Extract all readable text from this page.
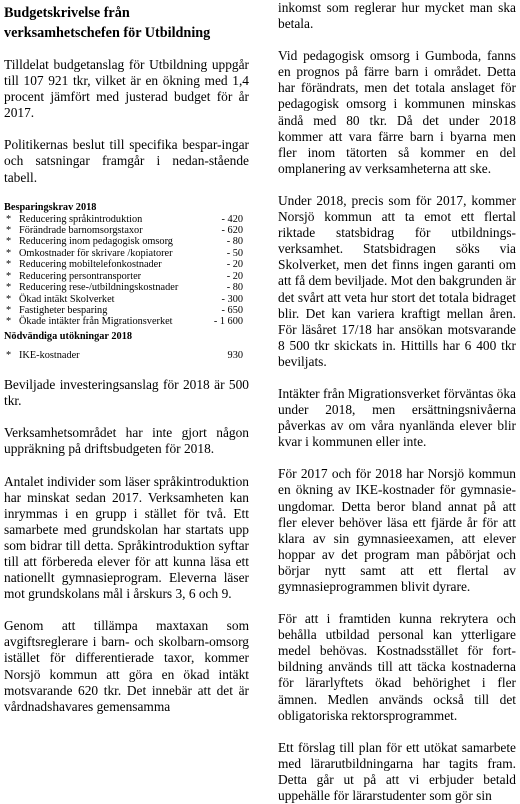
Budgetskrivelse från verksamhetschefen för Utbildning

Tilldelat budgetanslag för Utbildning uppgår till 107 921 tkr, vilket är en ökning med 1,4 procent jämfört med justerad budget för år 2017.

Politikernas beslut till specifika bespar-ingar och satsningar framgår i nedan-stående tabell.

Besparingskrav 2018
*	Reducering språkintroduktion	- 420
*	Förändrade barnomsorgstaxor	- 620
*	Reducering inom pedagogisk omsorg	- 80
*	Omkostnader för skrivare /kopiatorer	- 50
*	Reducering mobiltelefonkostnader	- 20
*	Reducering persontransporter	- 20
*	Reducering rese-/utbildningskostnader	- 80
*	Ökad intäkt Skolverket	- 300
*	Fastigheter besparing	- 650
*	Ökade intäkter från Migrationsverket	- 1 600
Nödvändiga utökningar 2018
*	IKE-kostnader	930

Beviljade investeringsanslag för 2018 är 500 tkr.

Verksamhetsområdet har inte gjort någon uppräkning på driftsbudgeten för 2018.

Antalet individer som läser språkintroduktion har minskat sedan 2017. Verksamheten kan inrymmas i en grupp i stället för två. Ett samarbete med grundskolan har startats upp som bidrar till detta. Språkintroduktion syftar till att förbereda elever för att kunna läsa ett nationellt gymnasieprogram. Eleverna läser mot grundskolans mål i årskurs 3, 6 och 9.

Genom att tillämpa maxtaxan som avgiftsreglerare i barn- och skolbarn-omsorg istället för differentierade taxor, kommer Norsjö kommun att göra en ökad intäkt motsvarande 620 tkr. Det innebär att det är vårdnadshavares gemensamma

inkomst som reglerar hur mycket man ska betala.

Vid pedagogisk omsorg i Gumboda, fanns en prognos på färre barn i området. Detta har förändrats, men det totala anslaget för pedagogisk omsorg i kommunen minskas ändå med 80 tkr. Då det under 2018 kommer att vara färre barn i byarna men fler inom tätorten så kommer en del omplanering av verksamheterna att ske.

Under 2018, precis som för 2017, kommer Norsjö kommun att ta emot ett flertal riktade statsbidrag för utbildnings-verksamhet. Statsbidragen söks via Skolverket, men det finns ingen garanti om att få dem beviljade. Mot den bakgrunden är det svårt att veta hur stort det totala bidraget blir. Det kan variera kraftigt mellan åren. För läsåret 17/18 har ansökan motsvarande 8 500 tkr skickats in. Hittills har 6 400 tkr beviljats.

Intäkter från Migrationsverket förväntas öka under 2018, men ersättningsnivåerna påverkas av om våra nyanlända elever blir kvar i kommunen eller inte.

För 2017 och för 2018 har Norsjö kommun en ökning av IKE-kostnader för gymnasie-ungdomar. Detta beror bland annat på att fler elever behöver läsa ett fjärde år för att klara av sin gymnasieexamen, att elever hoppar av det program man påbörjat och börjar nytt samt att ett flertal av gymnasieprogrammen blivit dyrare.

För att i framtiden kunna rekrytera och behålla utbildad personal kan ytterligare medel behövas. Kostnadsstället för fort-bildning används till att täcka kostnaderna för lärarlyftets ökad behörighet i fler ämnen. Medlen används också till det obligatoriska rektorsprogrammet.

Ett förslag till plan för ett utökat samarbete med lärarutbildningarna har tagits fram. Detta går ut på att vi erbjuder betald uppehälle för lärarstudenter som gör sin
